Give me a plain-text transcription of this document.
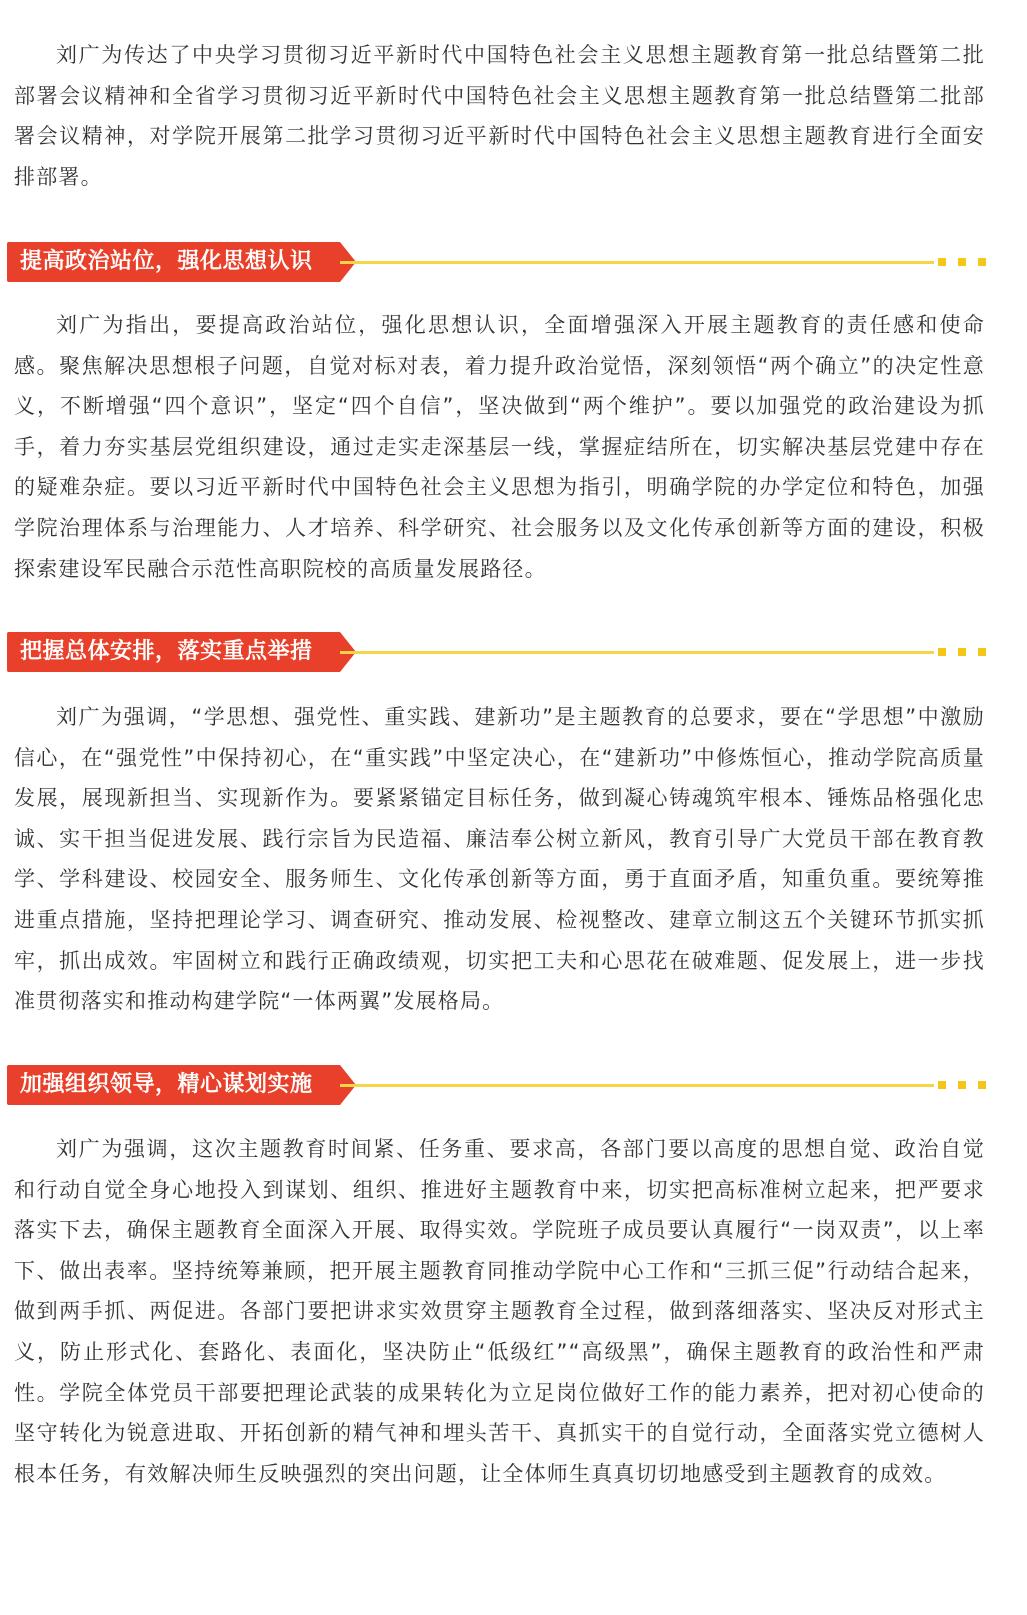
刘广为传达了中央学习贯彻习近平新时代中国特色社会主义思想主题教育第一批总结暨第二批部署会议精神和全省学习贯彻习近平新时代中国特色社会主义思想主题教育第一批总结暨第二批部署会议精神，对学院开展第二批学习贯彻习近平新时代中国特色社会主义思想主题教育进行全面安排部署。

提高政治站位，强化思想认识

刘广为指出，要提高政治站位，强化思想认识，全面增强深入开展主题教育的责任感和使命感。聚焦解决思想根子问题，自觉对标对表，着力提升政治觉悟，深刻领悟“两个确立”的决定性意义，不断增强“四个意识”，坚定“四个自信”，坚决做到“两个维护”。要以加强党的政治建设为抓手，着力夯实基层党组织建设，通过走实走深基层一线，掌握症结所在，切实解决基层党建中存在的疑难杂症。要以习近平新时代中国特色社会主义思想为指引，明确学院的办学定位和特色，加强学院治理体系与治理能力、人才培养、科学研究、社会服务以及文化传承创新等方面的建设，积极探索建设军民融合示范性高职院校的高质量发展路径。

把握总体安排，落实重点举措

刘广为强调，“学思想、强党性、重实践、建新功”是主题教育的总要求，要在“学思想”中激励信心，在“强党性”中保持初心，在“重实践”中坚定决心，在“建新功”中修炼恒心，推动学院高质量发展，展现新担当、实现新作为。要紧紧锚定目标任务，做到凝心铸魂筑牢根本、锤炼品格强化忠诚、实干担当促进发展、践行宗旨为民造福、廉洁奉公树立新风，教育引导广大党员干部在教育教学、学科建设、校园安全、服务师生、文化传承创新等方面，勇于直面矛盾，知重负重。要统筹推进重点措施，坚持把理论学习、调查研究、推动发展、检视整改、建章立制这五个关键环节抓实抓牢，抓出成效。牢固树立和践行正确政绩观，切实把工夫和心思花在破难题、促发展上，进一步找准贯彻落实和推动构建学院“一体两翼”发展格局。

加强组织领导，精心谋划实施

刘广为强调，这次主题教育时间紧、任务重、要求高，各部门要以高度的思想自觉、政治自觉和行动自觉全身心地投入到谋划、组织、推进好主题教育中来，切实把高标准树立起来，把严要求落实下去，确保主题教育全面深入开展、取得实效。学院班子成员要认真履行“一岗双责”，以上率下、做出表率。坚持统筹兼顾，把开展主题教育同推动学院中心工作和“三抓三促”行动结合起来，做到两手抓、两促进。各部门要把讲求实效贯穿主题教育全过程，做到落细落实、坚决反对形式主义，防止形式化、套路化、表面化，坚决防止“低级红”“高级黑”，确保主题教育的政治性和严肃性。学院全体党员干部要把理论武装的成果转化为立足岗位做好工作的能力素养，把对初心使命的坚守转化为锐意进取、开拓创新的精气神和埋头苦干、真抓实干的自觉行动，全面落实党立德树人根本任务，有效解决师生反映强烈的突出问题，让全体师生真真切切地感受到主题教育的成效。
